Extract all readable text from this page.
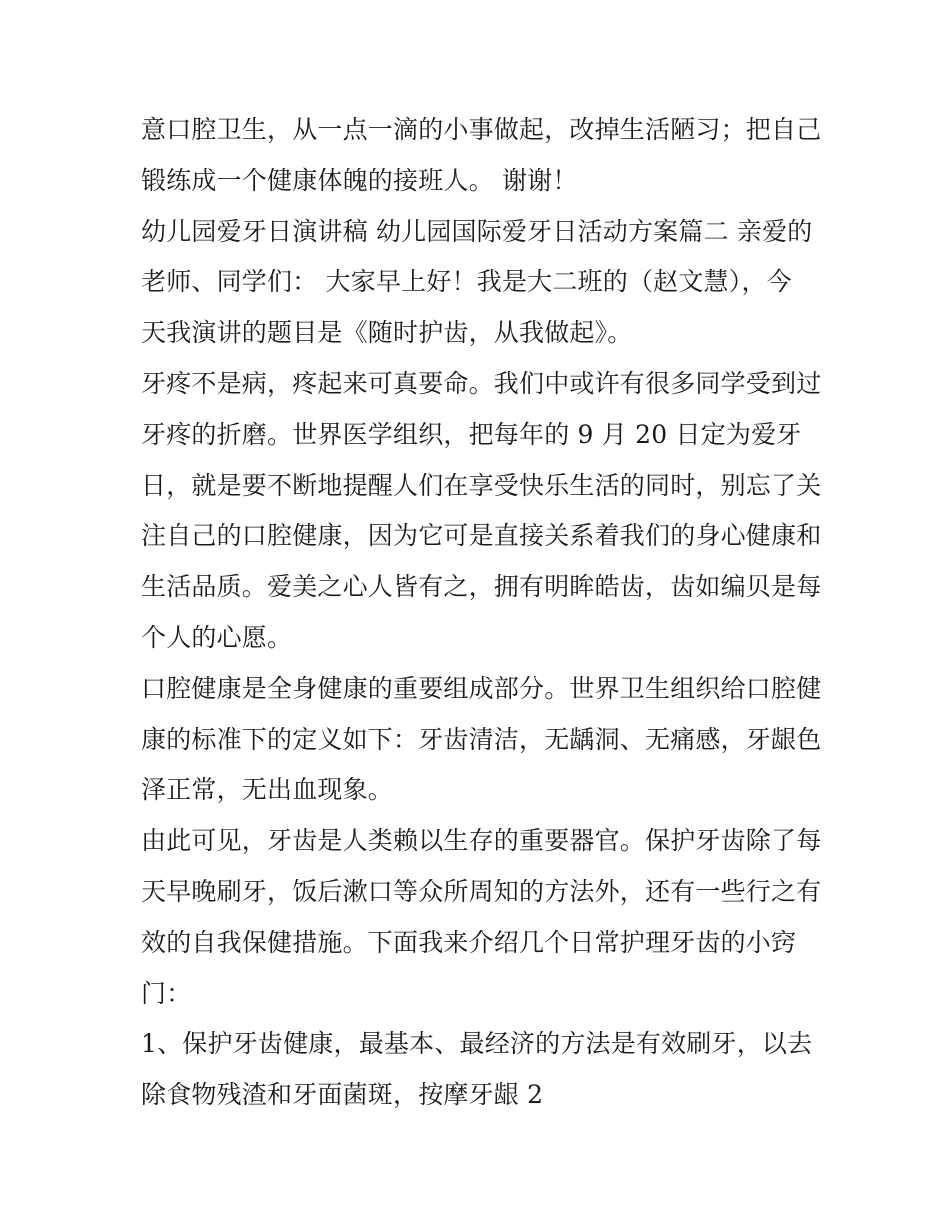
意口腔卫生，从一点一滴的小事做起，改掉生活陋习；把自己
锻练成一个健康体魄的接班人。 谢谢！
幼儿园爱牙日演讲稿 幼儿园国际爱牙日活动方案篇二 亲爱的
老师、同学们： 大家早上好！我是大二班的（赵文慧），今
天我演讲的题目是《随时护齿，从我做起》。
牙疼不是病，疼起来可真要命。我们中或许有很多同学受到过
牙疼的折磨。世界医学组织，把每年的 9 月 20 日定为爱牙
日，就是要不断地提醒人们在享受快乐生活的同时，别忘了关
注自己的口腔健康，因为它可是直接关系着我们的身心健康和
生活品质。爱美之心人皆有之，拥有明眸皓齿，齿如编贝是每
个人的心愿。
口腔健康是全身健康的重要组成部分。世界卫生组织给口腔健
康的标准下的定义如下：牙齿清洁，无龋洞、无痛感，牙龈色
泽正常，无出血现象。
由此可见，牙齿是人类赖以生存的重要器官。保护牙齿除了每
天早晚刷牙，饭后漱口等众所周知的方法外，还有一些行之有
效的自我保健措施。下面我来介绍几个日常护理牙齿的小窍
门：
1、保护牙齿健康，最基本、最经济的方法是有效刷牙，以去
除食物残渣和牙面菌斑，按摩牙龈 2
